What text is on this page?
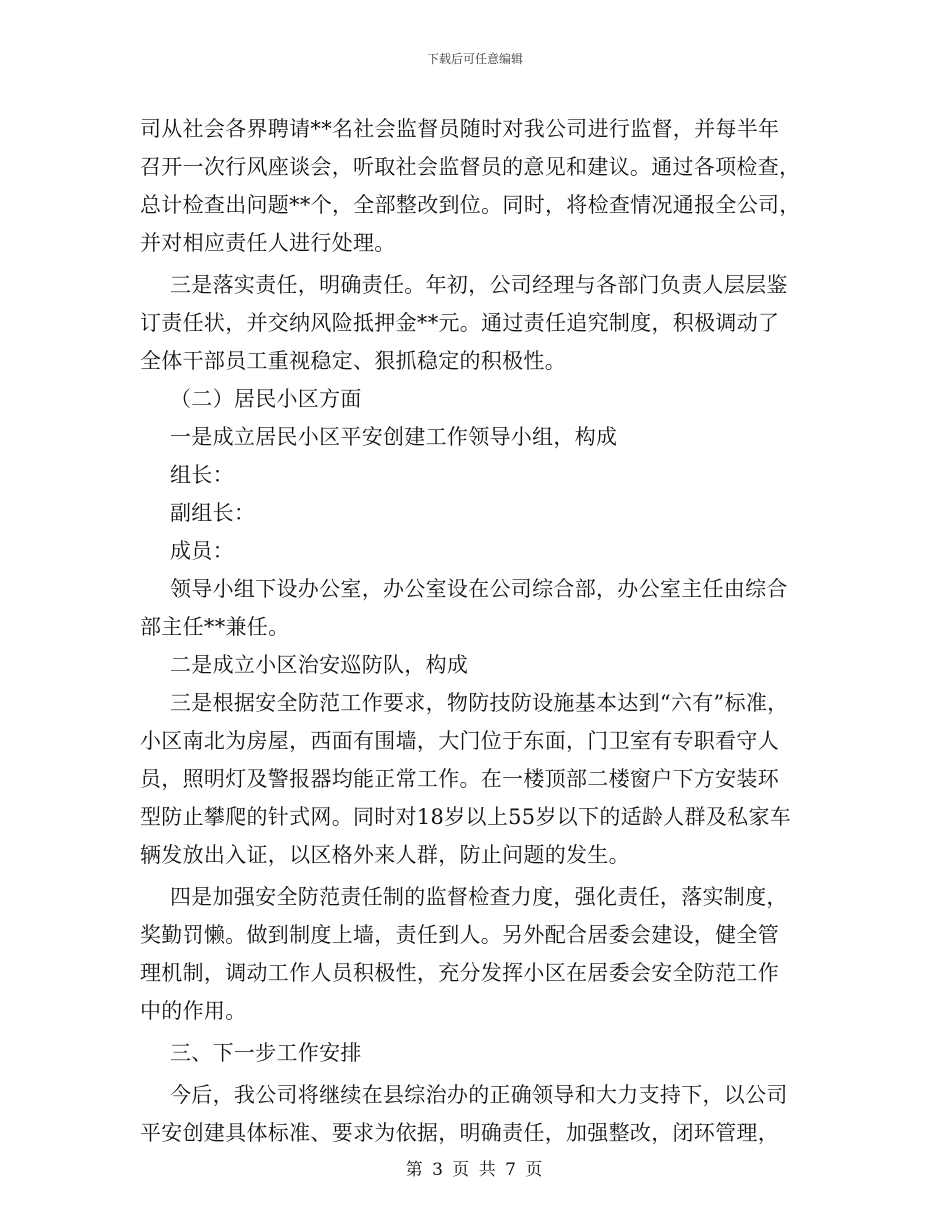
下载后可任意编辑
司从社会各界聘请**名社会监督员随时对我公司进行监督，并每半年
召开一次行风座谈会，听取社会监督员的意见和建议。通过各项检查，
总计检查出问题**个，全部整改到位。同时，将检查情况通报全公司，
并对相应责任人进行处理。
三是落实责任，明确责任。年初，公司经理与各部门负责人层层鉴
订责任状，并交纳风险抵押金**元。通过责任追究制度，积极调动了
全体干部员工重视稳定、狠抓稳定的积极性。
（二）居民小区方面
一是成立居民小区平安创建工作领导小组，构成
组长：
副组长：
成员：
领导小组下设办公室，办公室设在公司综合部，办公室主任由综合
部主任**兼任。
二是成立小区治安巡防队，构成
三是根据安全防范工作要求，物防技防设施基本达到“六有”标准，
小区南北为房屋，西面有围墙，大门位于东面，门卫室有专职看守人
员，照明灯及警报器均能正常工作。在一楼顶部二楼窗户下方安装环
型防止攀爬的针式网。同时对18岁以上55岁以下的适龄人群及私家车
辆发放出入证，以区格外来人群，防止问题的发生。
四是加强安全防范责任制的监督检查力度，强化责任，落实制度，
奖勤罚懒。做到制度上墙，责任到人。另外配合居委会建设，健全管
理机制，调动工作人员积极性，充分发挥小区在居委会安全防范工作
中的作用。
三、下一步工作安排
今后，我公司将继续在县综治办的正确领导和大力支持下，以公司
平安创建具体标准、要求为依据，明确责任，加强整改，闭环管理，
第 3 页 共 7 页
